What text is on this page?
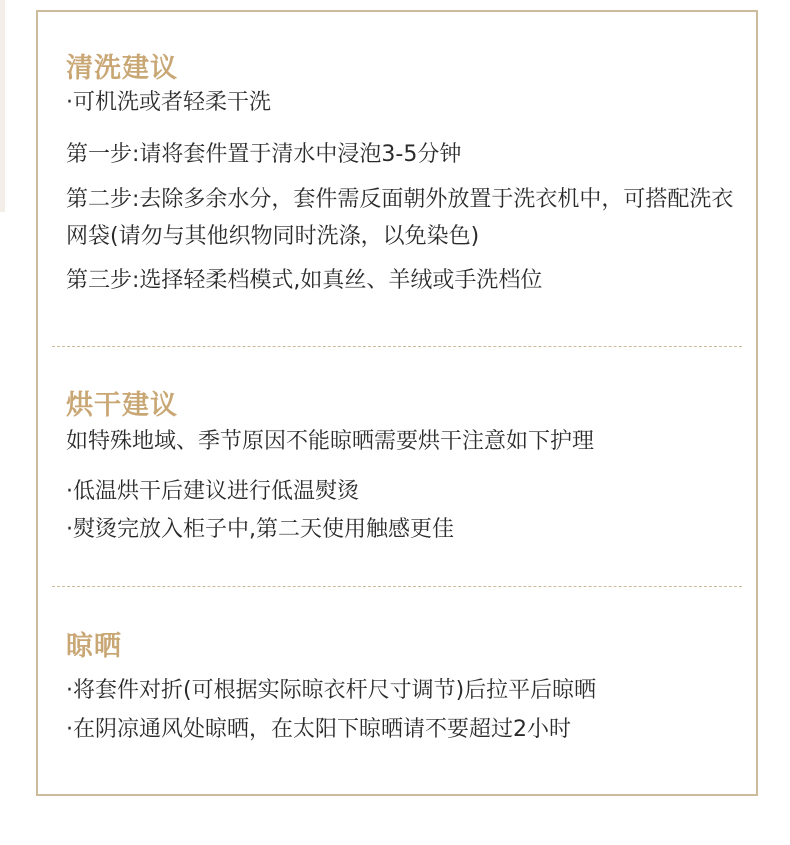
清洗建议
·可机洗或者轻柔干洗
第一步:请将套件置于清水中浸泡3-5分钟
第二步:去除多余水分，套件需反面朝外放置于洗衣机中，可搭配洗衣网袋(请勿与其他织物同时洗涤，以免染色)
第三步:选择轻柔档模式,如真丝、羊绒或手洗档位
烘干建议
如特殊地域、季节原因不能晾晒需要烘干注意如下护理
·低温烘干后建议进行低温熨烫
·熨烫完放入柜子中,第二天使用触感更佳
晾晒
·将套件对折(可根据实际晾衣杆尺寸调节)后拉平后晾晒
·在阴凉通风处晾晒，在太阳下晾晒请不要超过2小时
